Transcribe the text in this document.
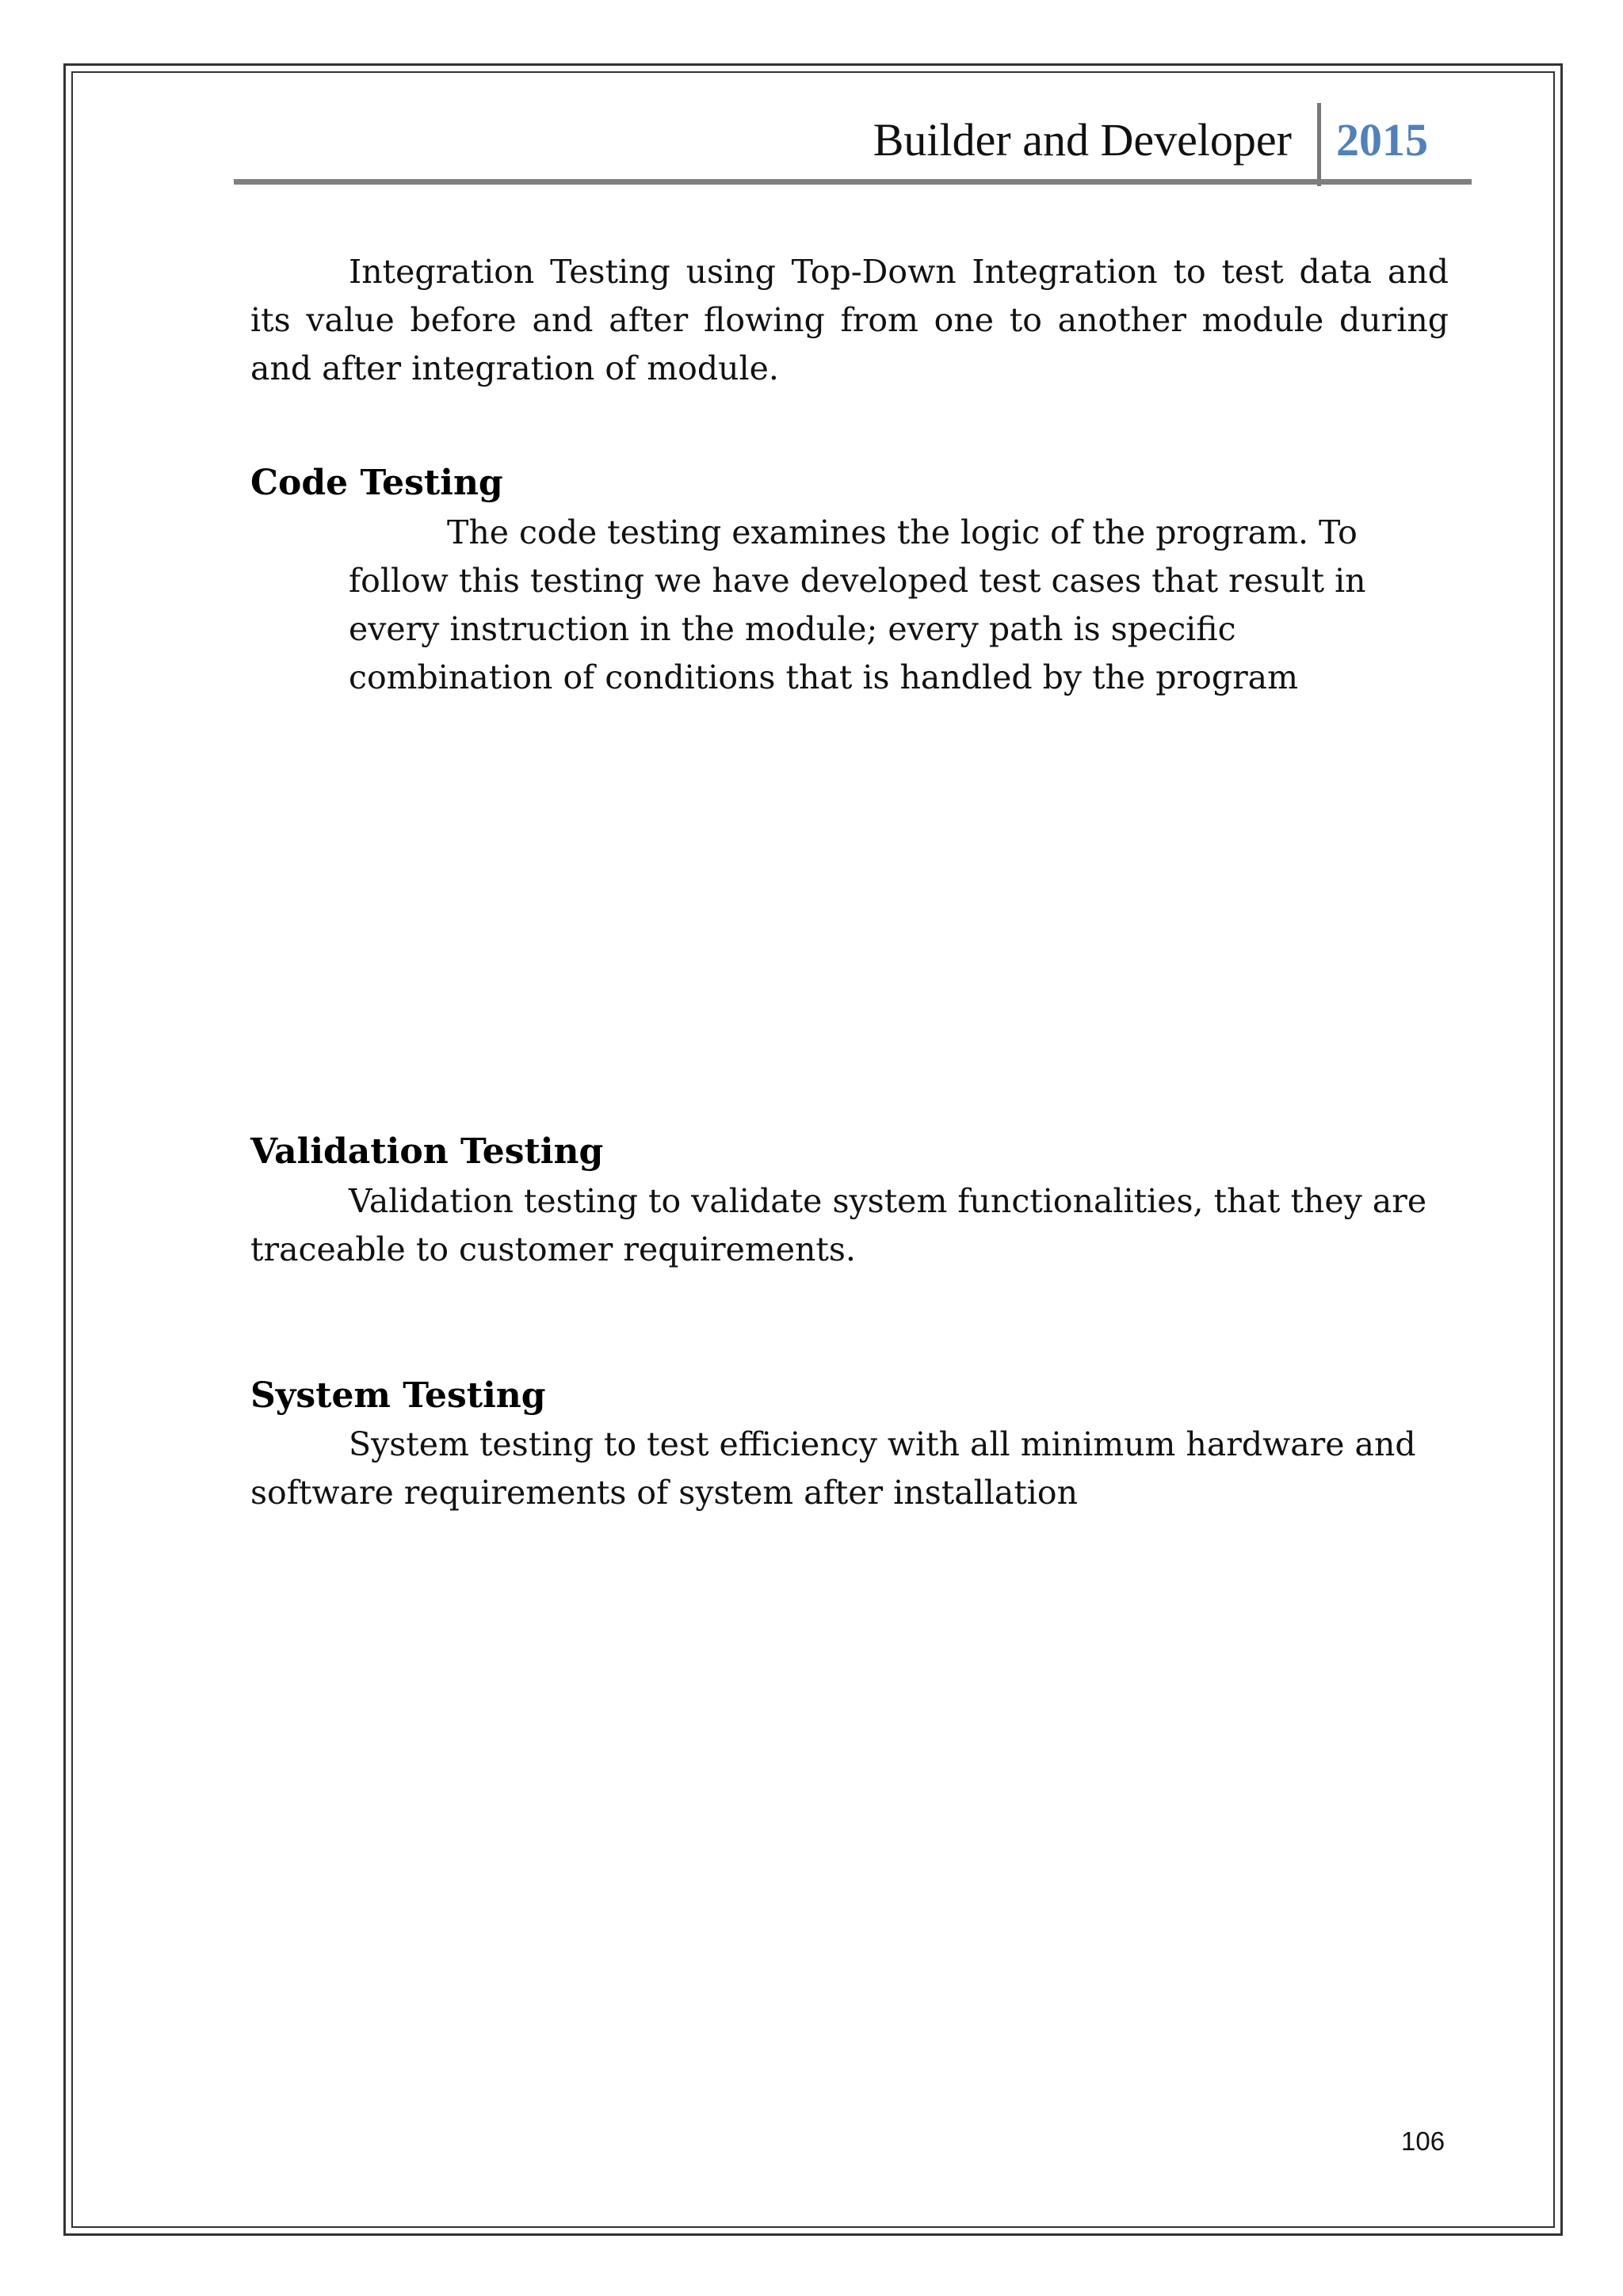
Builder and Developer 2015
Integration Testing using Top-Down Integration to test data and its value before and after flowing from one to another module during and after integration of module.
Code Testing
The code testing examines the logic of the program. To follow this testing we have developed test cases that result in every instruction in the module; every path is specific combination of conditions that is handled by the program
Validation Testing
Validation testing to validate system functionalities, that they are traceable to customer requirements.
System Testing
System testing to test efficiency with all minimum hardware and software requirements of system after installation
106
